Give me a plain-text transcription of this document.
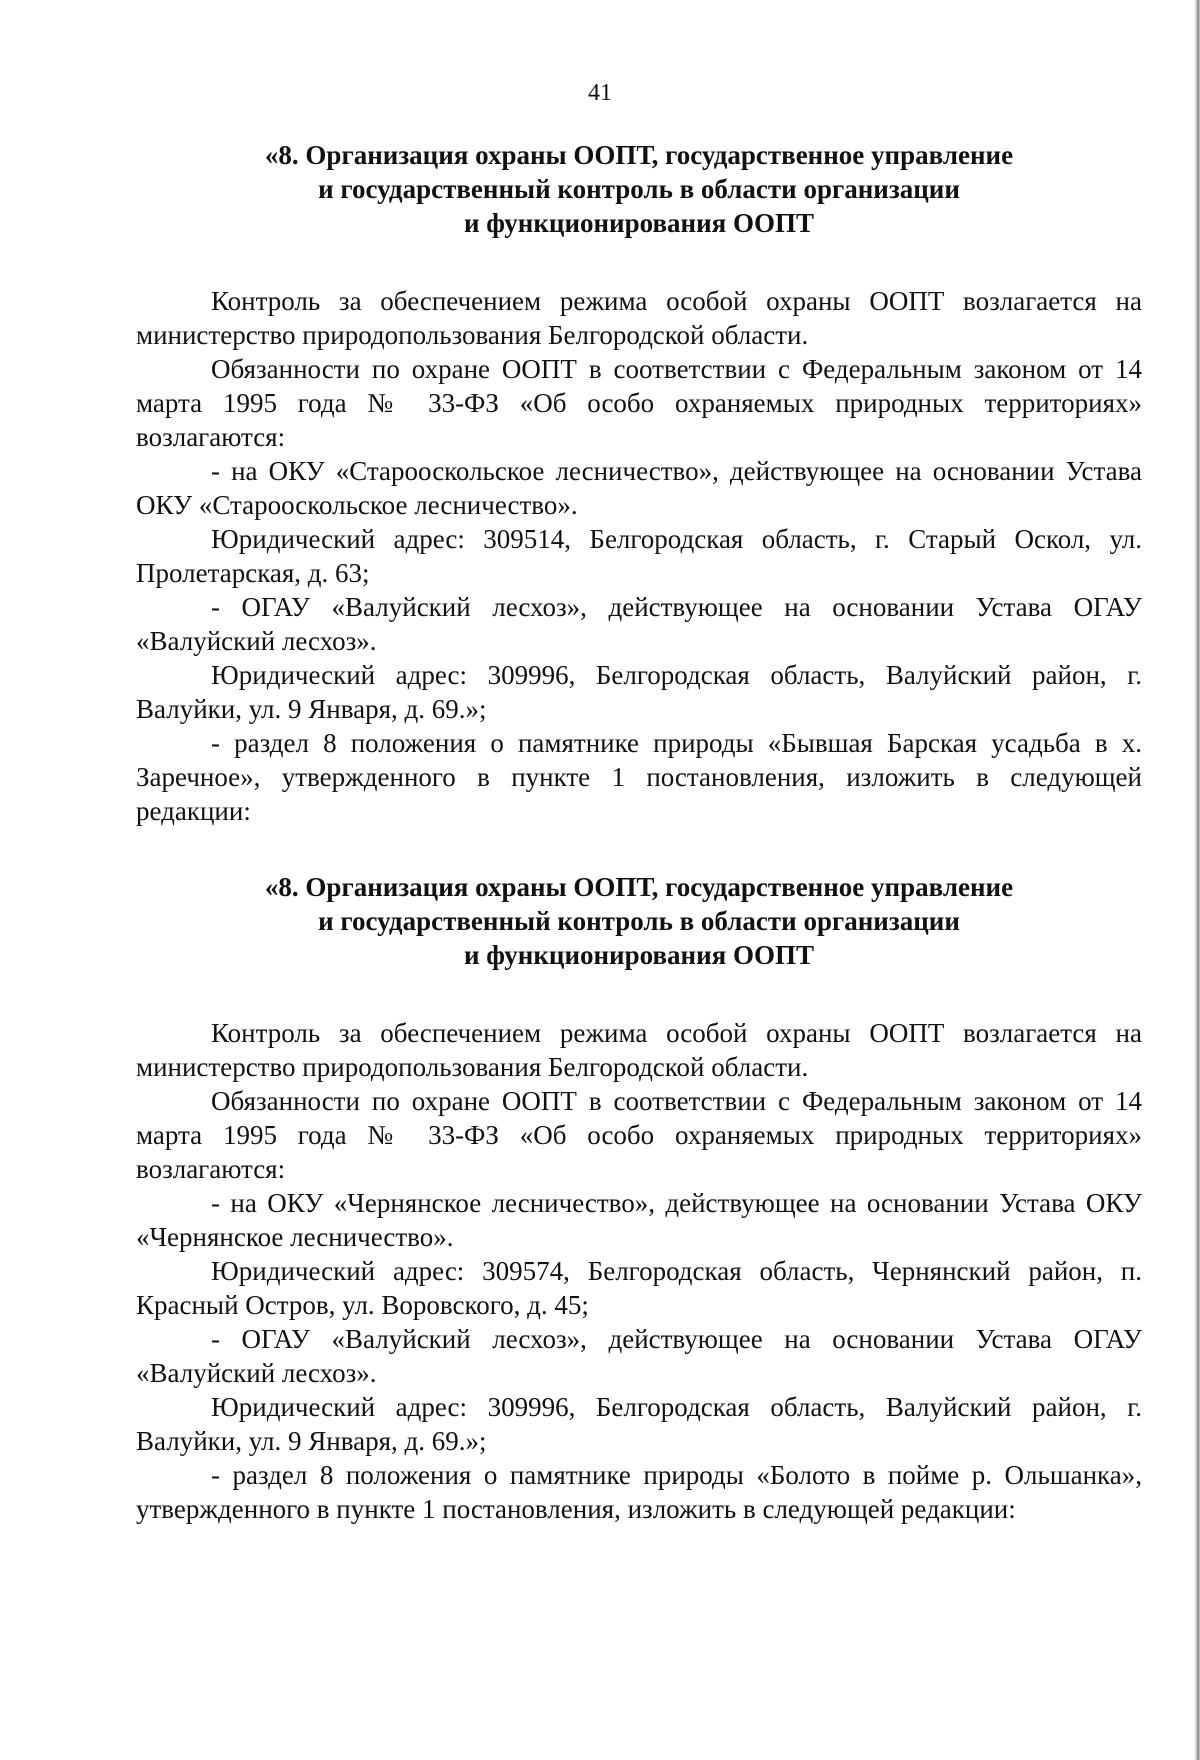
41
«8. Организация охраны ООПТ, государственное управление
и государственный контроль в области организации
и функционирования ООПТ

Контроль за обеспечением режима особой охраны ООПТ возлагается на министерство природопользования Белгородской области.

Обязанности по охране ООПТ в соответствии с Федеральным законом от 14 марта 1995 года № 33-ФЗ «Об особо охраняемых природных территориях» возлагаются:

- на ОКУ «Старооскольское лесничество», действующее на основании Устава ОКУ «Старооскольское лесничество».

Юридический адрес: 309514, Белгородская область, г. Старый Оскол, ул. Пролетарская, д. 63;

- ОГАУ «Валуйский лесхоз», действующее на основании Устава ОГАУ «Валуйский лесхоз».

Юридический адрес: 309996, Белгородская область, Валуйский район, г. Валуйки, ул. 9 Января, д. 69.»;

- раздел 8 положения о памятнике природы «Бывшая Барская усадьба в х. Заречное», утвержденного в пункте 1 постановления, изложить в следующей редакции:

«8. Организация охраны ООПТ, государственное управление
и государственный контроль в области организации
и функционирования ООПТ

Контроль за обеспечением режима особой охраны ООПТ возлагается на министерство природопользования Белгородской области.

Обязанности по охране ООПТ в соответствии с Федеральным законом от 14 марта 1995 года № 33-ФЗ «Об особо охраняемых природных территориях» возлагаются:

- на ОКУ «Чернянское лесничество», действующее на основании Устава ОКУ «Чернянское лесничество».

Юридический адрес: 309574, Белгородская область, Чернянский район, п. Красный Остров, ул. Воровского, д. 45;

- ОГАУ «Валуйский лесхоз», действующее на основании Устава ОГАУ «Валуйский лесхоз».

Юридический адрес: 309996, Белгородская область, Валуйский район, г. Валуйки, ул. 9 Января, д. 69.»;

- раздел 8 положения о памятнике природы «Болото в пойме р. Ольшанка», утвержденного в пункте 1 постановления, изложить в следующей редакции:
